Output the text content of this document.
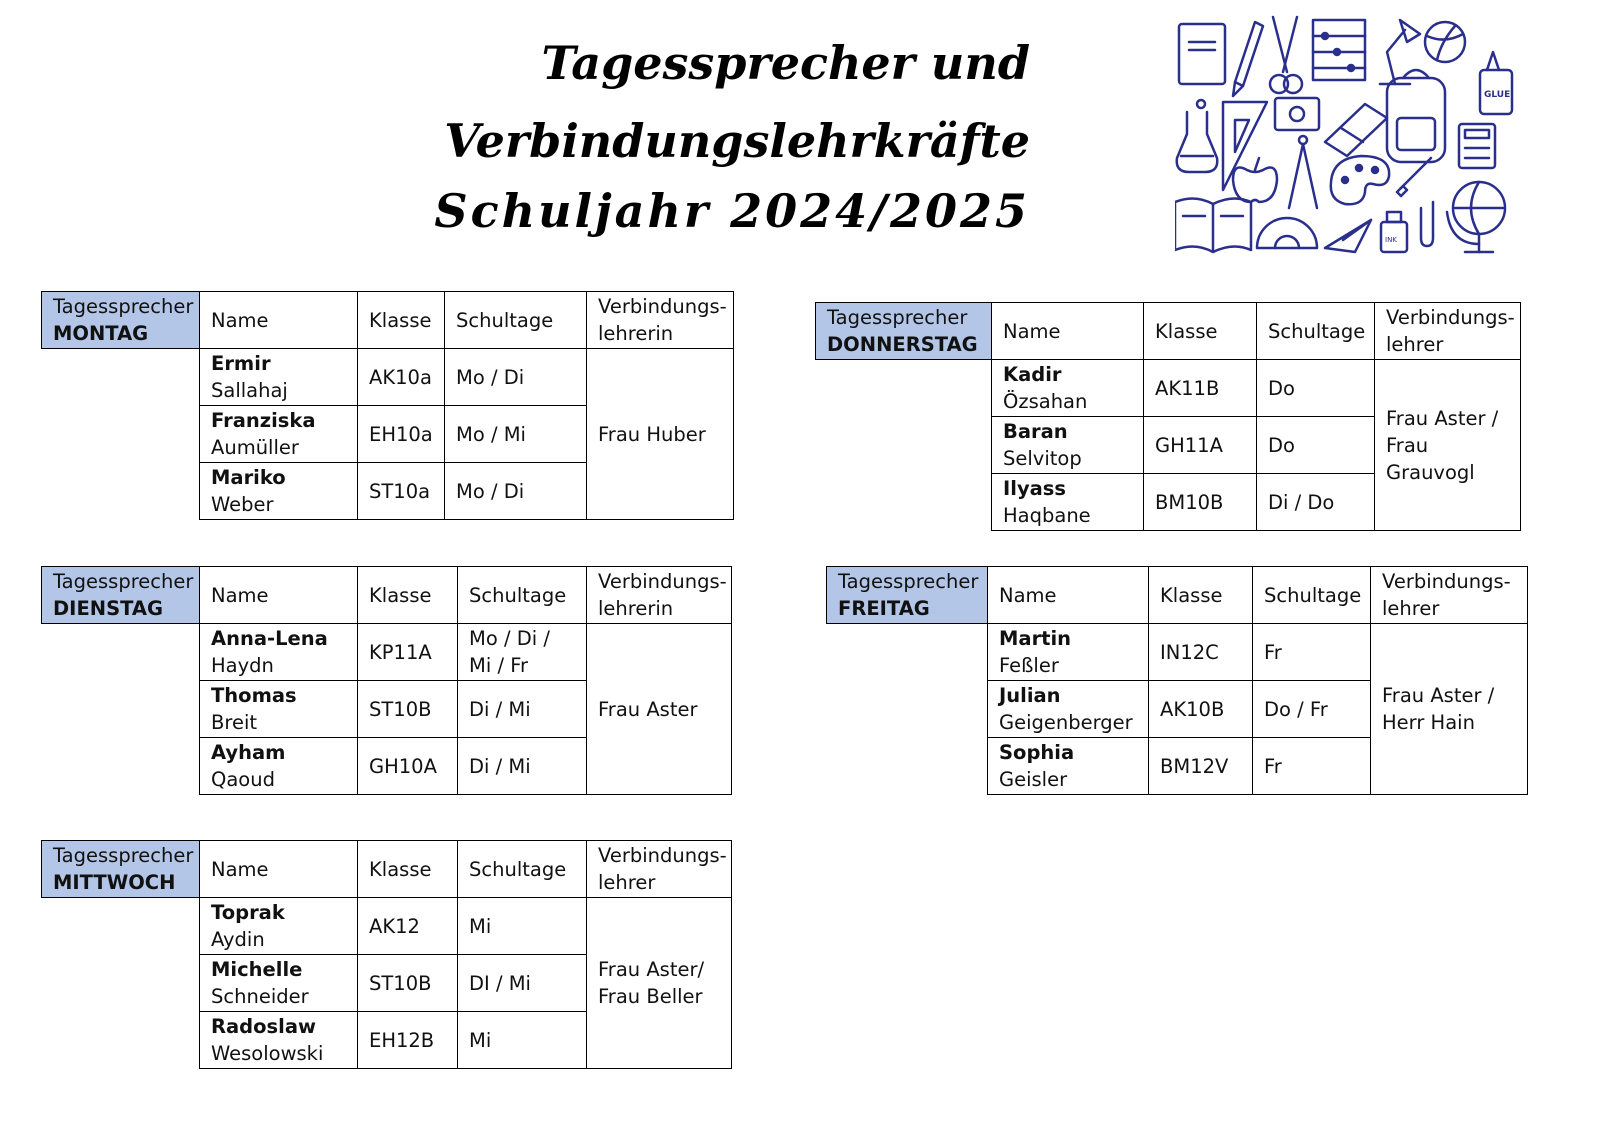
Tagessprecher und
Verbindungslehrkräfte
Schuljahr 2024/2025
GLUE
INK
Tagessprecher
MONTAG	Name	Klasse	Schultage	Verbindungs-lehrerin

	Ermir
Sallahaj	AK10a	Mo / Di	Frau Huber

	Franziska
Aumüller	EH10a	Mo / Mi	

	Mariko
Weber	ST10a	Mo / Di	
Tagessprecher
DIENSTAG	Name	Klasse	Schultage	Verbindungs-lehrerin

	Anna-Lena
Haydn	KP11A	Mo / Di / Mi / Fr	Frau Aster

	Thomas
Breit	ST10B	Di / Mi	

	Ayham
Qaoud	GH10A	Di / Mi	
Tagessprecher
MITTWOCH	Name	Klasse	Schultage	Verbindungs-lehrer

	Toprak
Aydin	AK12	Mi	Frau Aster/ Frau Beller

	Michelle
Schneider	ST10B	DI / Mi	

	Radoslaw
Wesolowski	EH12B	Mi	
Tagessprecher
DONNERSTAG	Name	Klasse	Schultage	Verbindungs-lehrer

	Kadir
Özsahan	AK11B	Do	Frau Aster / Frau Grauvogl

	Baran
Selvitop	GH11A	Do	

	Ilyass
Haqbane	BM10B	Di / Do	
Tagessprecher
FREITAG	Name	Klasse	Schultage	Verbindungs-lehrer

	Martin
Feßler	IN12C	Fr	Frau Aster / Herr Hain

	Julian
Geigenberger	AK10B	Do / Fr	

	Sophia
Geisler	BM12V	Fr	
